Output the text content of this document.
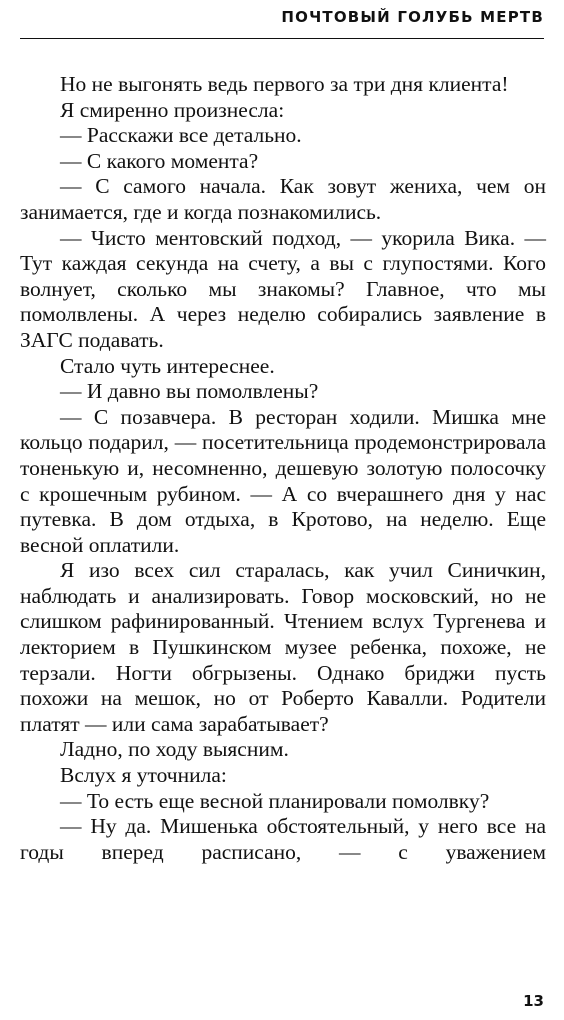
ПОЧТОВЫЙ ГОЛУБЬ МЕРТВ

Но не выгонять ведь первого за три дня клиента!

Я смиренно произнесла:

— Расскажи все детально.

— С какого момента?

— С самого начала. Как зовут жениха, чем он занимается, где и когда познакомились.

— Чисто ментовский подход, — укорила Вика. — Тут каждая секунда на счету, а вы с глупостями. Кого волнует, сколько мы знакомы? Главное, что мы помолвлены. А через неделю собирались заявление в ЗАГС подавать.

Стало чуть интереснее.

— И давно вы помолвлены?

— С позавчера. В ресторан ходили. Мишка мне кольцо подарил, — посетительница продемонстрировала тоненькую и, несомненно, дешевую золотую полосочку с крошечным рубином. — А со вчерашнего дня у нас путевка. В дом отдыха, в Кротово, на неделю. Еще весной оплатили.

Я изо всех сил старалась, как учил Синичкин, наблюдать и анализировать. Говор московский, но не слишком рафинированный. Чтением вслух Тургенева и лекторием в Пушкинском музее ребенка, похоже, не терзали. Ногти обгрызены. Однако бриджи пусть похожи на мешок, но от Роберто Кавалли. Родители платят — или сама зарабатывает?

Ладно, по ходу выясним.

Вслух я уточнила:

— То есть еще весной планировали помолвку?

— Ну да. Мишенька обстоятельный, у него все на годы вперед расписано, — с уважением

13
